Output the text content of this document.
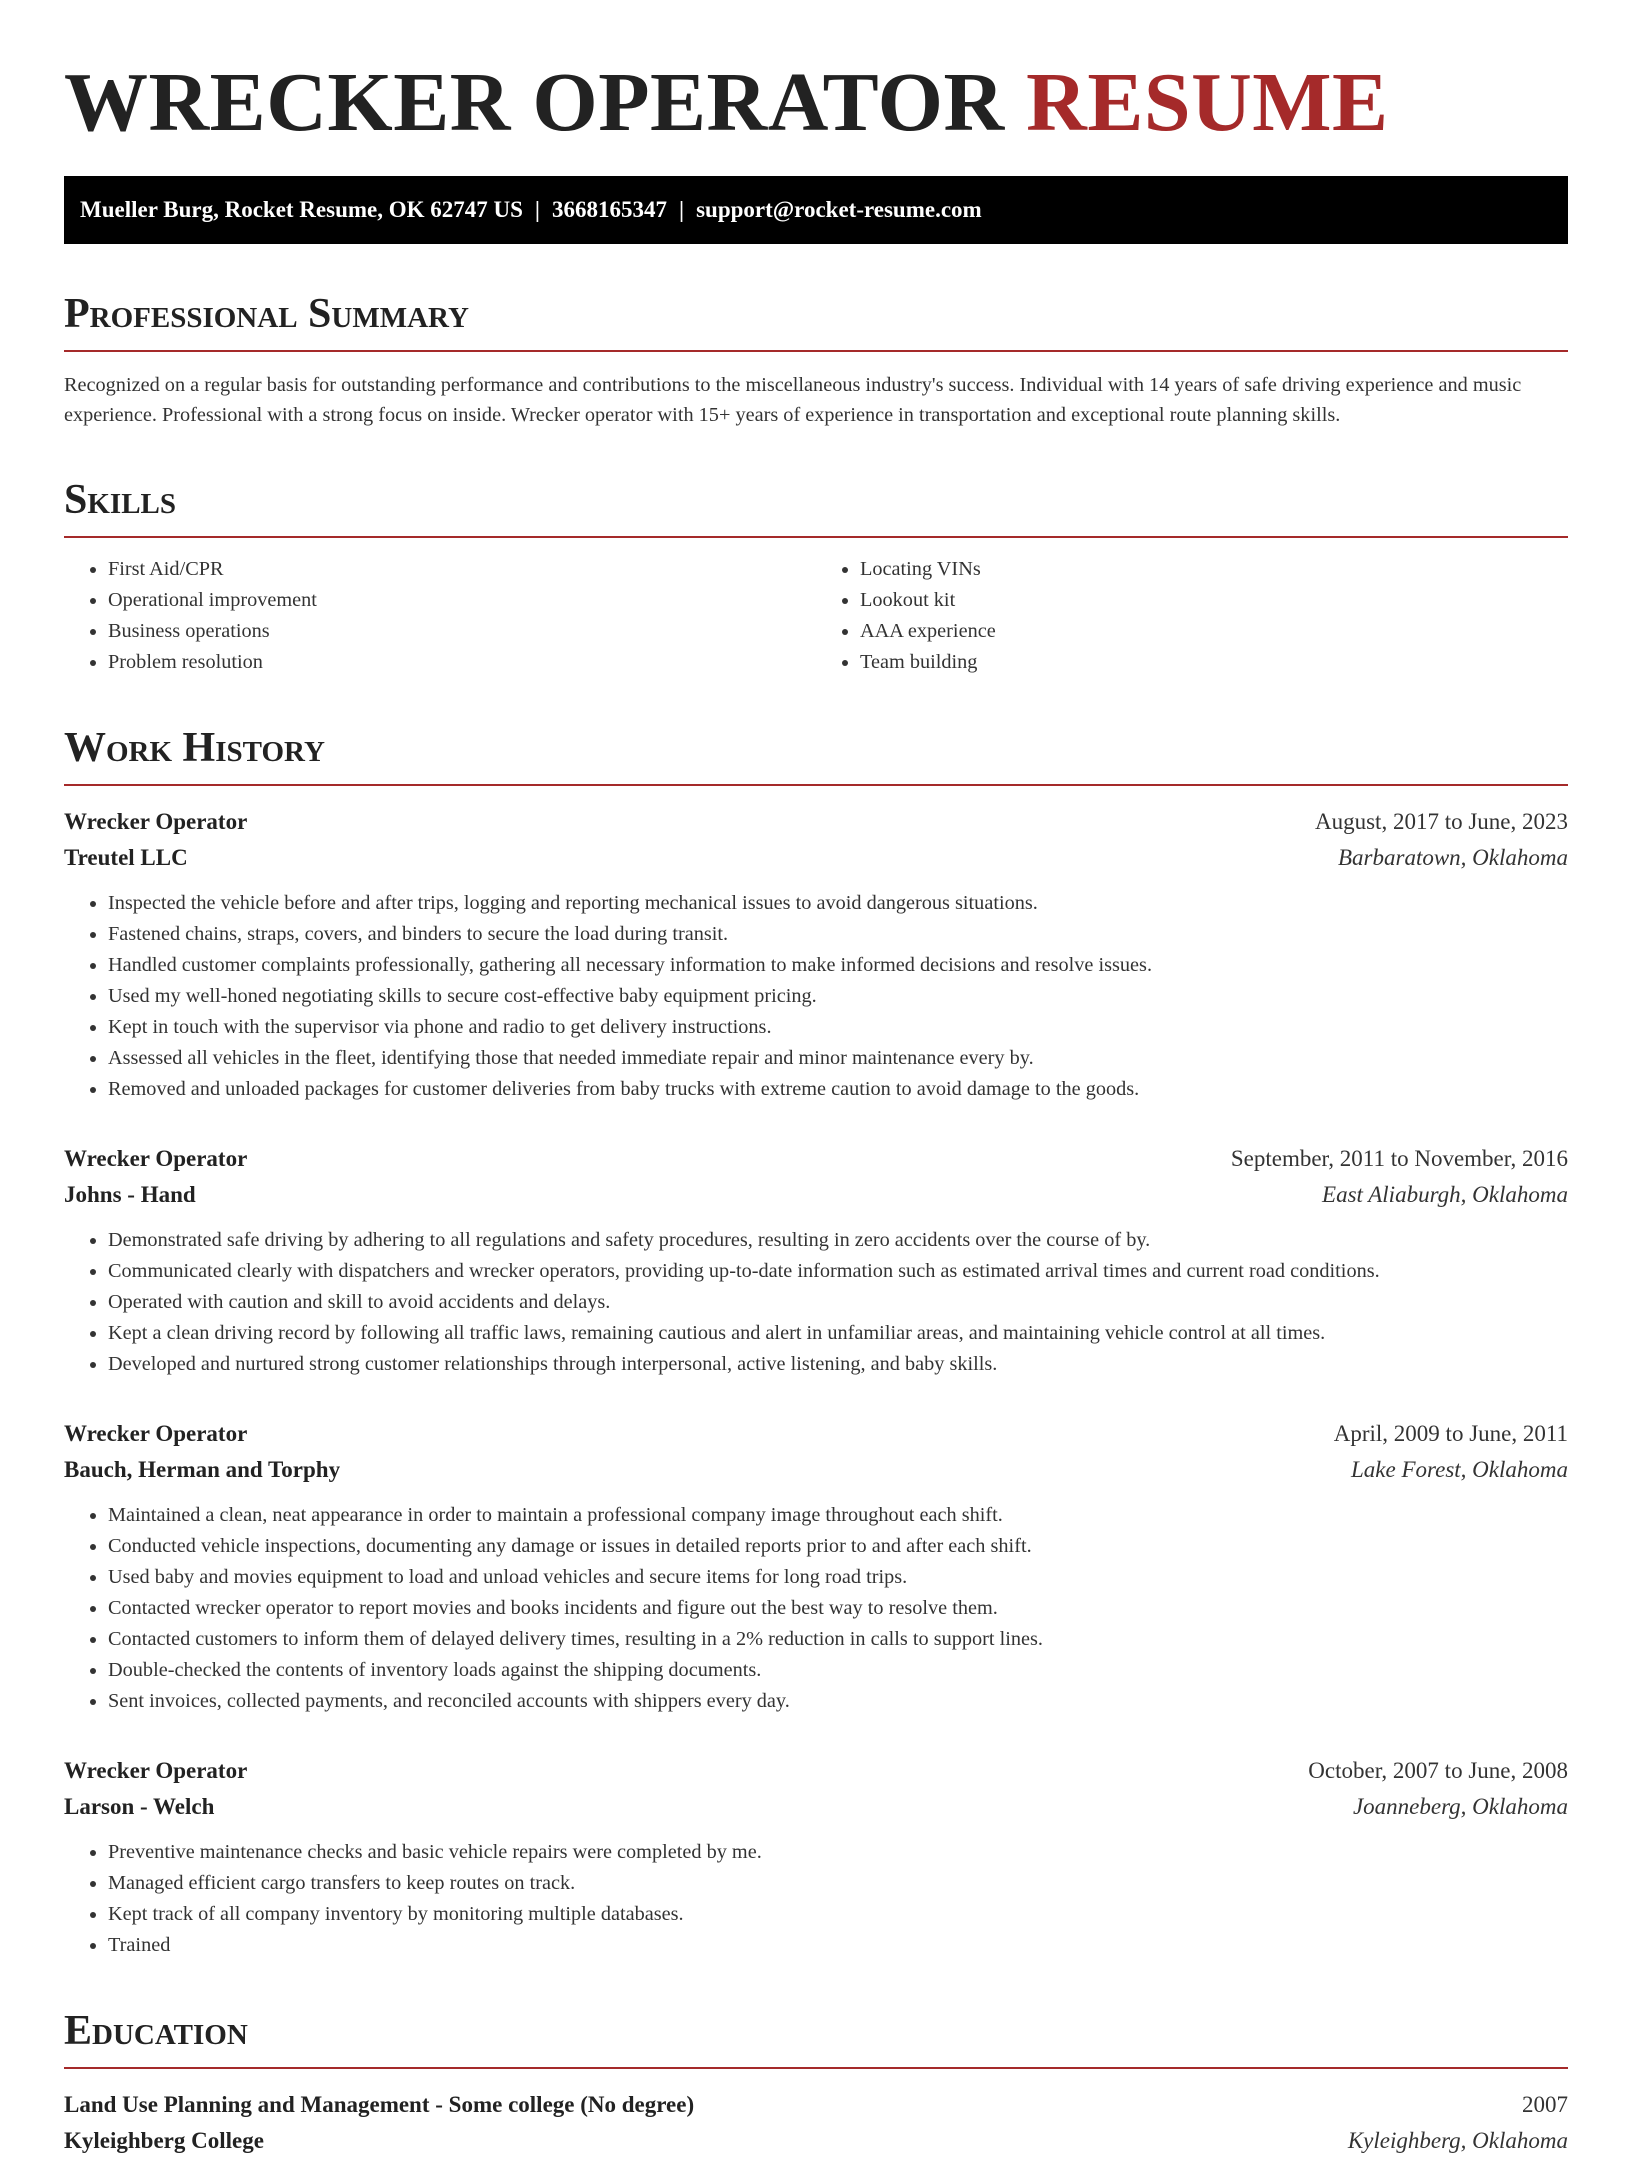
WRECKER OPERATOR RESUME
Mueller Burg, Rocket Resume, OK 62747 US | 3668165347 | support@rocket-resume.com
Professional Summary
Recognized on a regular basis for outstanding performance and contributions to the miscellaneous industry's success. Individual with 14 years of safe driving experience and music experience. Professional with a strong focus on inside. Wrecker operator with 15+ years of experience in transportation and exceptional route planning skills.
Skills
• First Aid/CPR
• Operational improvement
• Business operations
• Problem resolution
• Locating VINs
• Lookout kit
• AAA experience
• Team building
Work History
Wrecker Operator	August, 2017 to June, 2023
Treutel LLC	Barbaratown, Oklahoma
• Inspected the vehicle before and after trips, logging and reporting mechanical issues to avoid dangerous situations.
• Fastened chains, straps, covers, and binders to secure the load during transit.
• Handled customer complaints professionally, gathering all necessary information to make informed decisions and resolve issues.
• Used my well-honed negotiating skills to secure cost-effective baby equipment pricing.
• Kept in touch with the supervisor via phone and radio to get delivery instructions.
• Assessed all vehicles in the fleet, identifying those that needed immediate repair and minor maintenance every by.
• Removed and unloaded packages for customer deliveries from baby trucks with extreme caution to avoid damage to the goods.
Wrecker Operator	September, 2011 to November, 2016
Johns - Hand	East Aliaburgh, Oklahoma
• Demonstrated safe driving by adhering to all regulations and safety procedures, resulting in zero accidents over the course of by.
• Communicated clearly with dispatchers and wrecker operators, providing up-to-date information such as estimated arrival times and current road conditions.
• Operated with caution and skill to avoid accidents and delays.
• Kept a clean driving record by following all traffic laws, remaining cautious and alert in unfamiliar areas, and maintaining vehicle control at all times.
• Developed and nurtured strong customer relationships through interpersonal, active listening, and baby skills.
Wrecker Operator	April, 2009 to June, 2011
Bauch, Herman and Torphy	Lake Forest, Oklahoma
• Maintained a clean, neat appearance in order to maintain a professional company image throughout each shift.
• Conducted vehicle inspections, documenting any damage or issues in detailed reports prior to and after each shift.
• Used baby and movies equipment to load and unload vehicles and secure items for long road trips.
• Contacted wrecker operator to report movies and books incidents and figure out the best way to resolve them.
• Contacted customers to inform them of delayed delivery times, resulting in a 2% reduction in calls to support lines.
• Double-checked the contents of inventory loads against the shipping documents.
• Sent invoices, collected payments, and reconciled accounts with shippers every day.
Wrecker Operator	October, 2007 to June, 2008
Larson - Welch	Joanneberg, Oklahoma
• Preventive maintenance checks and basic vehicle repairs were completed by me.
• Managed efficient cargo transfers to keep routes on track.
• Kept track of all company inventory by monitoring multiple databases.
• Trained
Education
Land Use Planning and Management - Some college (No degree)	2007
Kyleighberg College	Kyleighberg, Oklahoma
